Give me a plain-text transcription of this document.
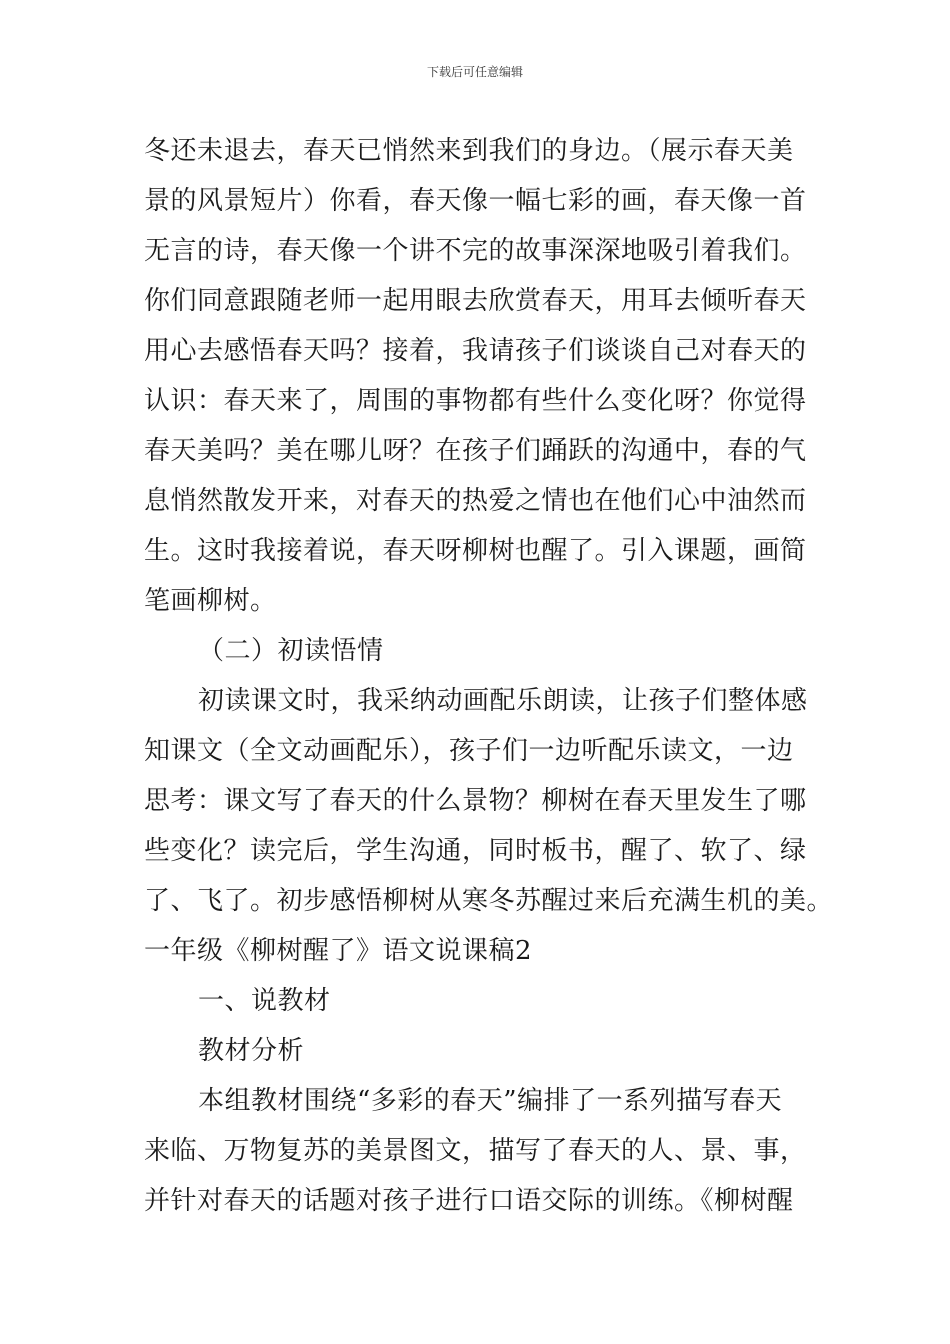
下载后可任意编辑
冬还未退去，春天已悄然来到我们的身边。（展示春天美
景的风景短片）你看，春天像一幅七彩的画，春天像一首
无言的诗，春天像一个讲不完的故事深深地吸引着我们。
你们同意跟随老师一起用眼去欣赏春天，用耳去倾听春天
用心去感悟春天吗？接着，我请孩子们谈谈自己对春天的
认识：春天来了，周围的事物都有些什么变化呀？你觉得
春天美吗？美在哪儿呀？在孩子们踊跃的沟通中，春的气
息悄然散发开来，对春天的热爱之情也在他们心中油然而
生。这时我接着说，春天呀柳树也醒了。引入课题，画简
笔画柳树。
（二）初读悟情
初读课文时，我采纳动画配乐朗读，让孩子们整体感
知课文（全文动画配乐），孩子们一边听配乐读文，一边
思考：课文写了春天的什么景物？柳树在春天里发生了哪
些变化？读完后，学生沟通，同时板书，醒了、软了、绿
了、飞了。初步感悟柳树从寒冬苏醒过来后充满生机的美。
一年级《柳树醒了》语文说课稿2
一、说教材
教材分析
本组教材围绕“多彩的春天”编排了一系列描写春天
来临、万物复苏的美景图文，描写了春天的人、景、事，
并针对春天的话题对孩子进行口语交际的训练。《柳树醒
